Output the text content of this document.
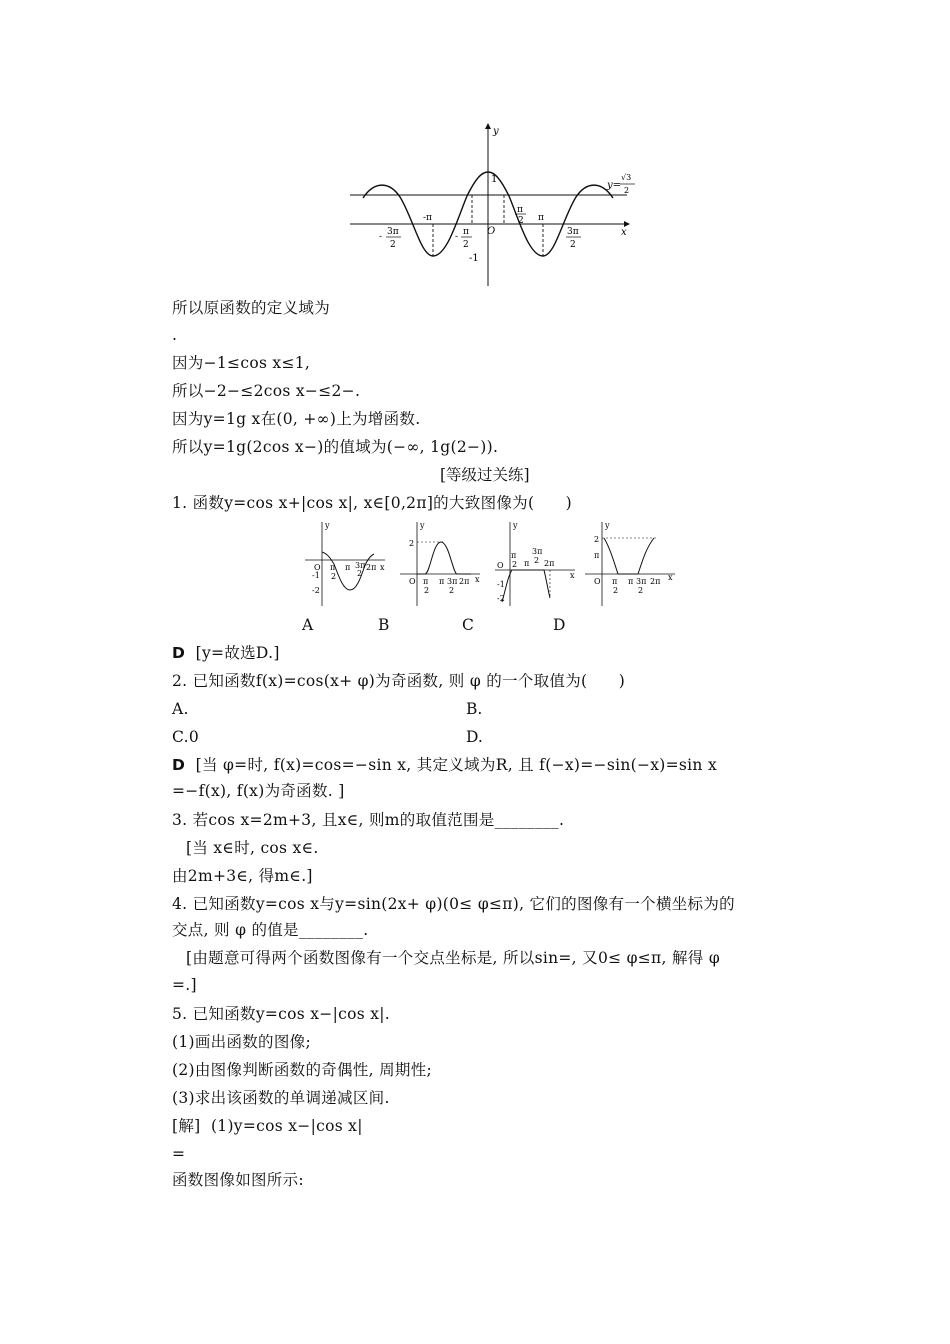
y
x
1
-1
O
y=
√3
2
π
2 π
3π
2
-π
- π
2
- 3π
2
所以原函数的定义域为
.
因为−1≤cos x≤1,
所以−2−≤2cos x−≤2−.
因为y=1g x在(0, +∞)上为增函数.
所以y=1g(2cos x−)的值域为(−∞, 1g(2−)).
[等级过关练]
1. 函数y=cos x+|cos x|, x∈[0,2π]的大致图像为(      )
y
x
O
-1
-2
π
2
π 3π
2
2π
y
x
O
2
π
2
π 3π
2
2π
y
x
O
-1
-2
π
2 π
3π
2 2π
y
x
O
2
π
π
2
π 3π
2
2π
A	B	C	D
D [y=故选D.]
2. 已知函数f(x)=cos(x+ φ)为奇函数, 则 φ 的一个取值为(      )
A.	B.
C.0	D.
D [当 φ=时, f(x)=cos=−sin x, 其定义域为R, 且 f(−x)=−sin(−x)=sin x
=−f(x), f(x)为奇函数. ]
3. 若cos x=2m+3, 且x∈, 则m的取值范围是________.
[当 x∈时, cos x∈.
由2m+3∈, 得m∈.]
4. 已知函数y=cos x与y=sin(2x+ φ)(0≤ φ≤π), 它们的图像有一个横坐标为的
交点, 则 φ 的值是________.
[由题意可得两个函数图像有一个交点坐标是, 所以sin=, 又0≤ φ≤π, 解得 φ
=.]
5. 已知函数y=cos x−|cos x|.
(1)画出函数的图像;
(2)由图像判断函数的奇偶性, 周期性;
(3)求出该函数的单调递减区间.
[解]  (1)y=cos x−|cos x|
=
函数图像如图所示:
